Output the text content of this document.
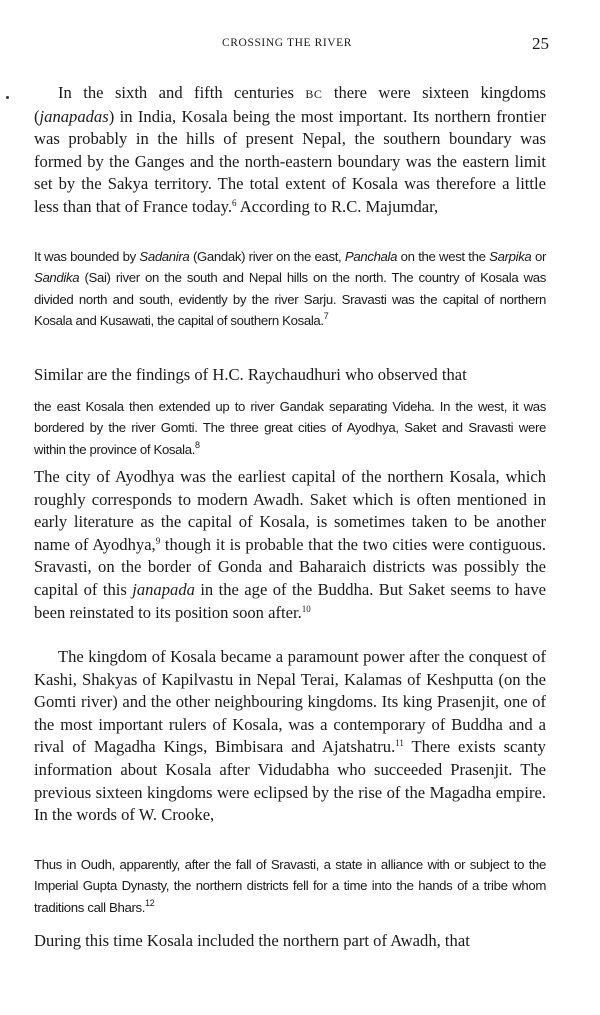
CROSSING THE RIVER	25

In the sixth and fifth centuries BC there were sixteen kingdoms (janapadas) in India, Kosala being the most important. Its northern frontier was probably in the hills of present Nepal, the southern boundary was formed by the Ganges and the north-eastern boundary was the eastern limit set by the Sakya territory. The total extent of Kosala was therefore a little less than that of France today.$^6$ According to R.C. Majumdar,

It was bounded by Sadanira (Gandak) river on the east, Panchala on the west the Sarpika or Sandika (Sai) river on the south and Nepal hills on the north. The country of Kosala was divided north and south, evidently by the river Sarju. Sravasti was the capital of northern Kosala and Kusawati, the capital of southern Kosala.$^7$

Similar are the findings of H.C. Raychaudhuri who observed that

the east Kosala then extended up to river Gandak separating Videha. In the west, it was bordered by the river Gomti. The three great cities of Ayodhya, Saket and Sravasti were within the province of Kosala.$^8$

The city of Ayodhya was the earliest capital of the northern Kosala, which roughly corresponds to modern Awadh. Saket which is often mentioned in early literature as the capital of Kosala, is sometimes taken to be another name of Ayodhya,$^9$ though it is probable that the two cities were contiguous. Sravasti, on the border of Gonda and Baharaich districts was possibly the capital of this janapada in the age of the Buddha. But Saket seems to have been reinstated to its position soon after.$^{10}$

The kingdom of Kosala became a paramount power after the conquest of Kashi, Shakyas of Kapilvastu in Nepal Terai, Kalamas of Keshputta (on the Gomti river) and the other neighbouring kingdoms. Its king Prasenjit, one of the most important rulers of Kosala, was a contemporary of Buddha and a rival of Magadha Kings, Bimbisara and Ajatshatru.$^{11}$ There exists scanty information about Kosala after Vidudabha who succeeded Prasenjit. The previous sixteen kingdoms were eclipsed by the rise of the Magadha empire. In the words of W. Crooke,

Thus in Oudh, apparently, after the fall of Sravasti, a state in alliance with or subject to the Imperial Gupta Dynasty, the northern districts fell for a time into the hands of a tribe whom traditions call Bhars.$^{12}$

During this time Kosala included the northern part of Awadh, that
